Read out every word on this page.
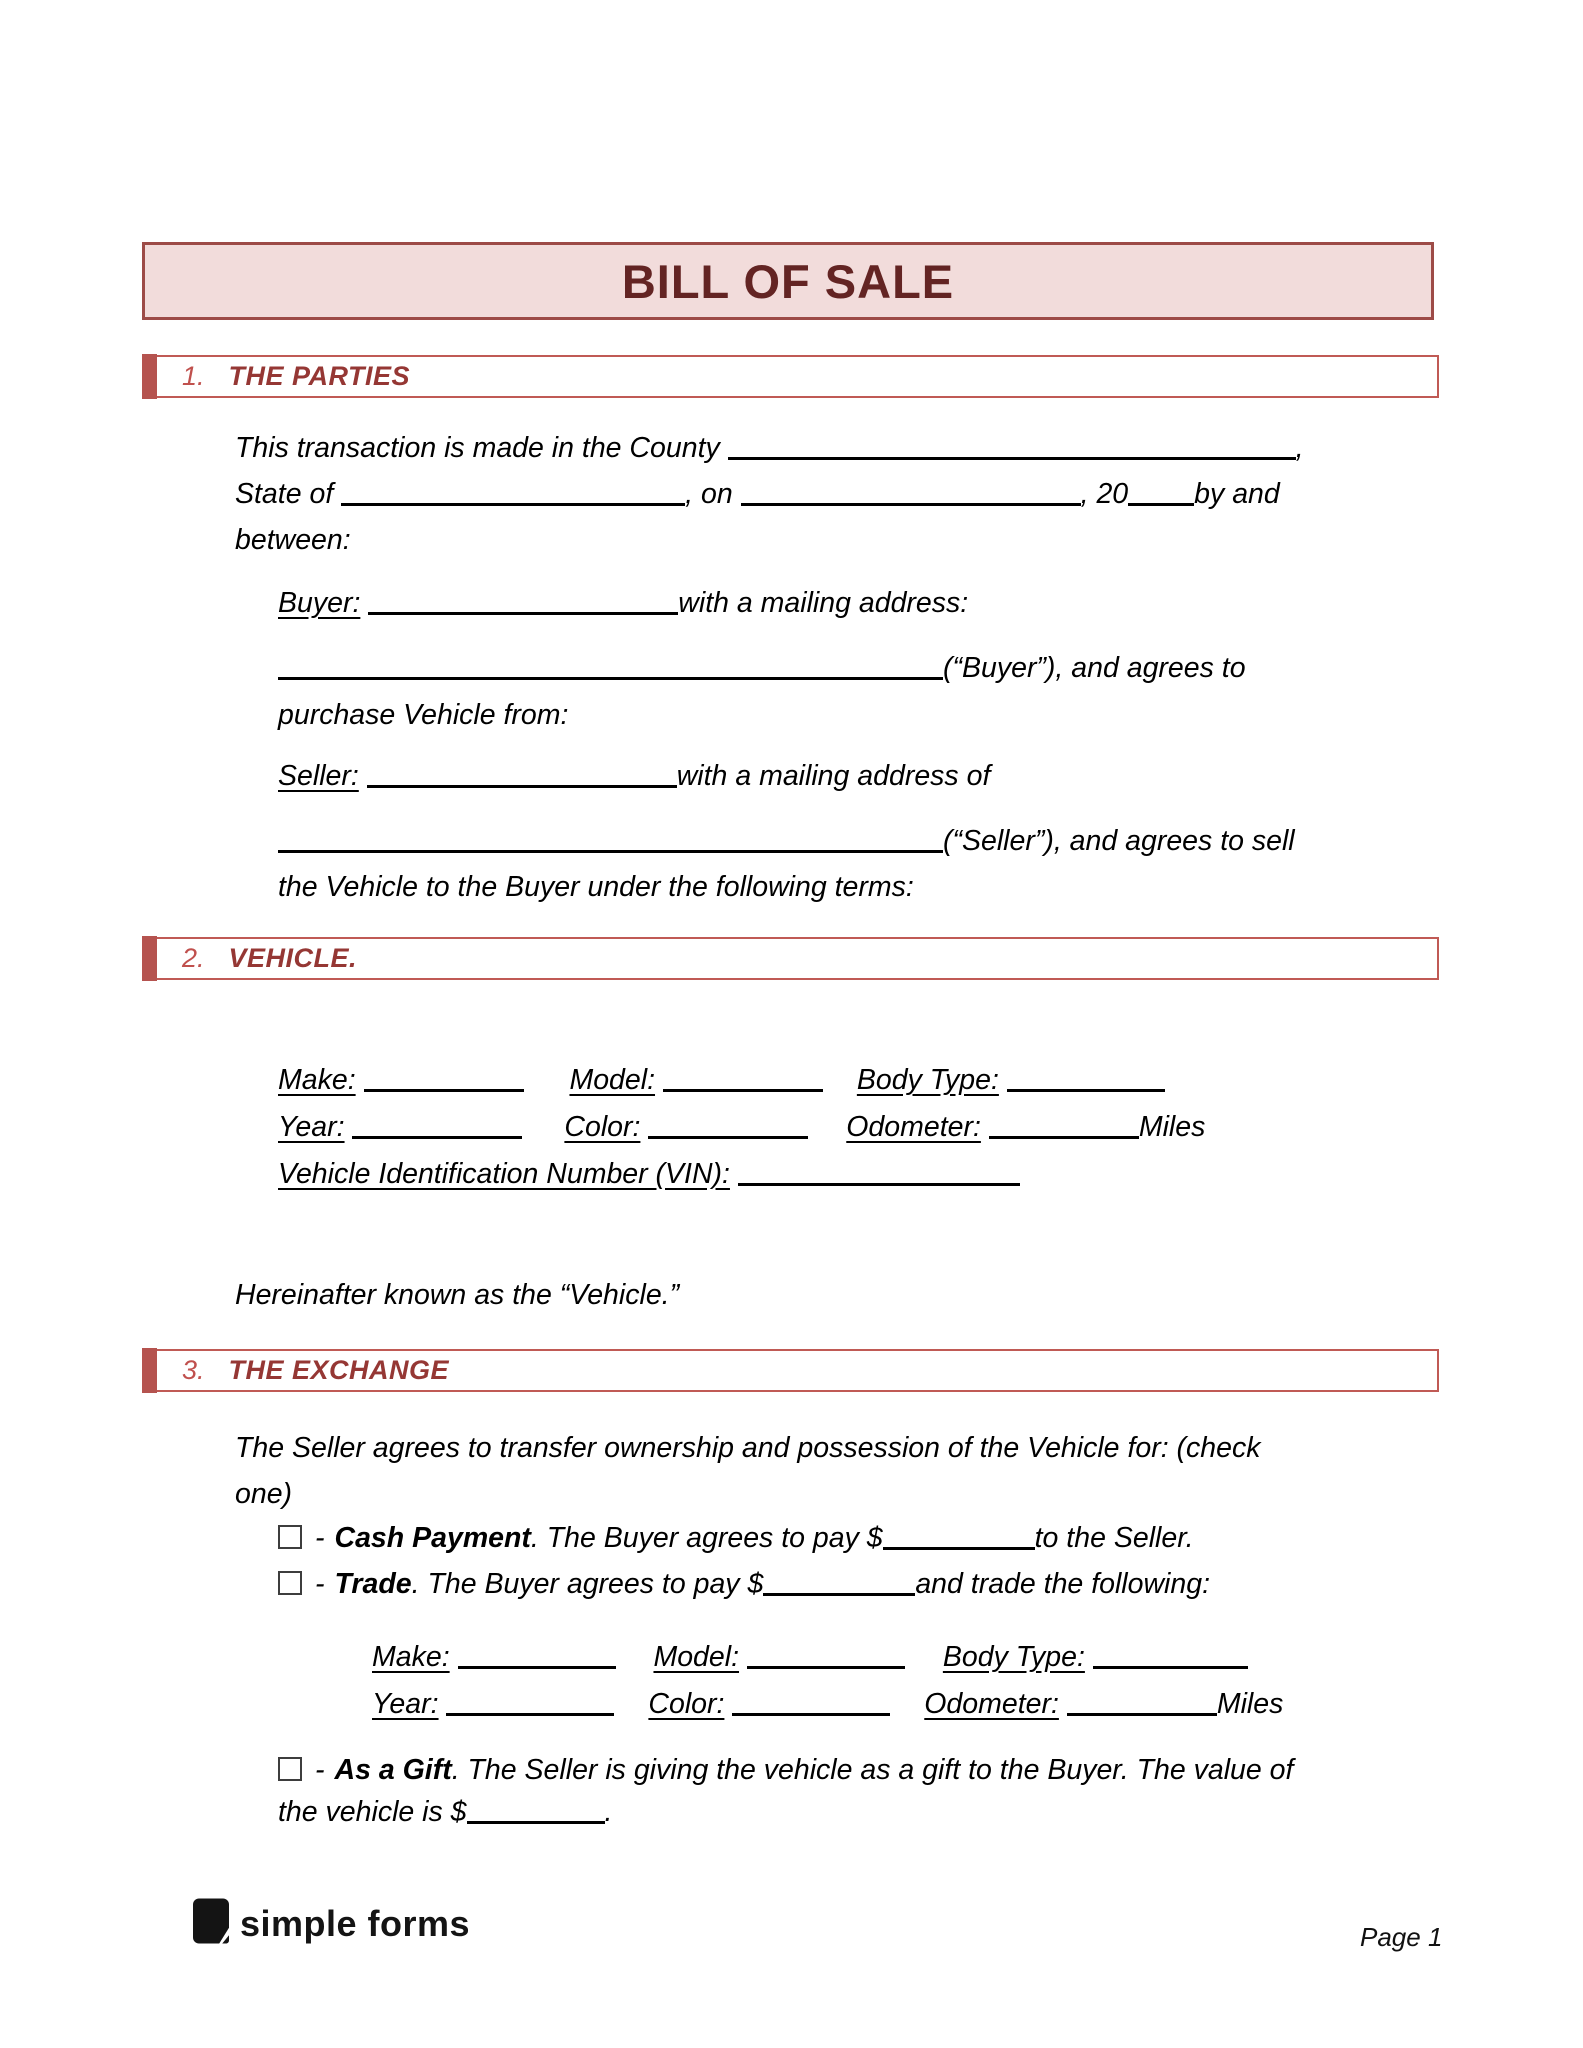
BILL OF SALE
1. THE PARTIES
This transaction is made in the County	,
State of	, on	, 20 by and
between:
Buyer:	with a mailing address:
(“Buyer”), and agrees to
purchase Vehicle from:
Seller:	with a mailing address of
(“Seller”), and agrees to sell
the Vehicle to the Buyer under the following terms:
2. VEHICLE.
Make:	Model:	Body Type:
Year:	Color:	Odometer:	Miles
Vehicle Identification Number (VIN):
Hereinafter known as the “Vehicle.”
3. THE EXCHANGE
The Seller agrees to transfer ownership and possession of the Vehicle for: (check
one)
- Cash Payment. The Buyer agrees to pay $	to the Seller.
- Trade. The Buyer agrees to pay $	and trade the following:
Make:	Model:	Body Type:
Year:	Color:	Odometer:	Miles
- As a Gift. The Seller is giving the vehicle as a gift to the Buyer. The value of
the vehicle is $	.
simple forms	Page 1
